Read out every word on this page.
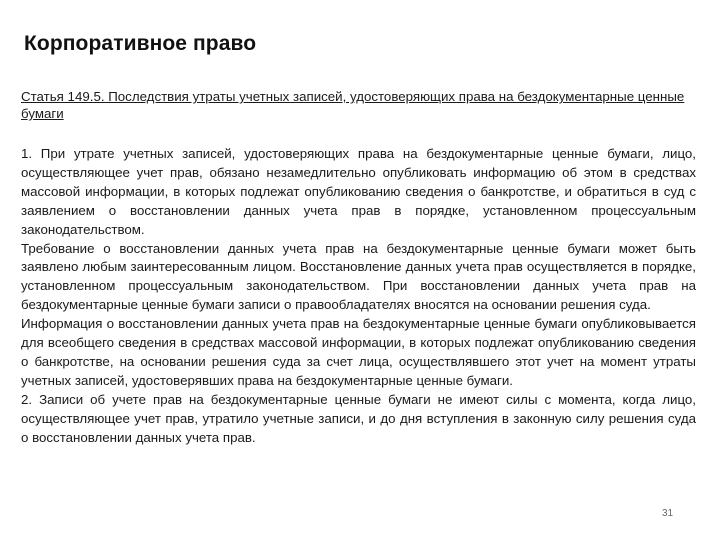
Корпоративное право
Статья 149.5. Последствия утраты учетных записей, удостоверяющих права на бездокументарные ценные бумаги

1. При утрате учетных записей, удостоверяющих права на бездокументарные ценные бумаги, лицо, осуществляющее учет прав, обязано незамедлительно опубликовать информацию об этом в средствах массовой информации, в которых подлежат опубликованию сведения о банкротстве, и обратиться в суд с заявлением о восстановлении данных учета прав в порядке, установленном процессуальным законодательством.

Требование о восстановлении данных учета прав на бездокументарные ценные бумаги может быть заявлено любым заинтересованным лицом. Восстановление данных учета прав осуществляется в порядке, установленном процессуальным законодательством. При восстановлении данных учета прав на бездокументарные ценные бумаги записи о правообладателях вносятся на основании решения суда.

Информация о восстановлении данных учета прав на бездокументарные ценные бумаги опубликовывается для всеобщего сведения в средствах массовой информации, в которых подлежат опубликованию сведения о банкротстве, на основании решения суда за счет лица, осуществлявшего этот учет на момент утраты учетных записей, удостоверявших права на бездокументарные ценные бумаги.

2. Записи об учете прав на бездокументарные ценные бумаги не имеют силы с момента, когда лицо, осуществляющее учет прав, утратило учетные записи, и до дня вступления в законную силу решения суда о восстановлении данных учета прав.

31
